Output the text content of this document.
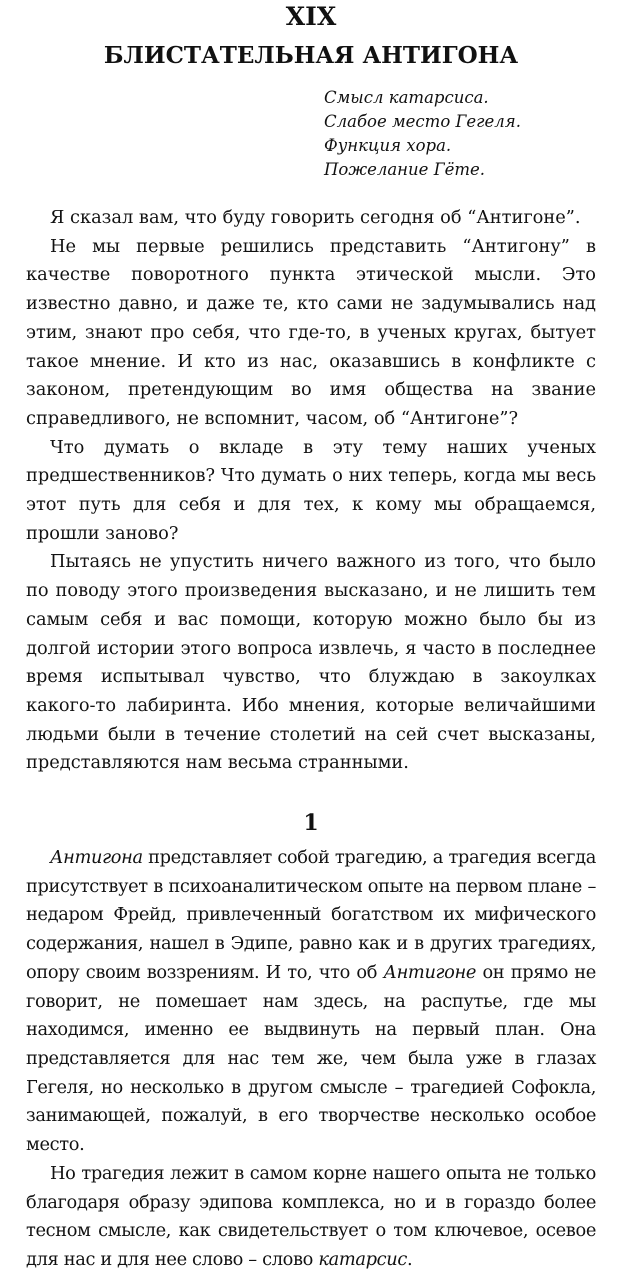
XIX
БЛИСТАТЕЛЬНАЯ АНТИГОНА
Смысл катарсиса.
Слабое место Гегеля.
Функция хора.
Пожелание Гёте.

Я сказал вам, что буду говорить сегодня об “Антигоне”.

Не мы первые решились представить “Антигону” в качестве поворотного пункта этической мысли. Это известно давно, и даже те, кто сами не задумывались над этим, знают про себя, что где-то, в ученых кругах, бытует такое мнение. И кто из нас, оказавшись в конфликте с законом, претендующим во имя общества на звание справедливого, не вспомнит, часом, об “Антигоне”?

Что думать о вкладе в эту тему наших ученых предшественников? Что думать о них теперь, когда мы весь этот путь для себя и для тех, к кому мы обращаемся, прошли заново?

Пытаясь не упустить ничего важного из того, что было по поводу этого произведения высказано, и не лишить тем самым себя и вас помощи, которую можно было бы из долгой истории этого вопроса извлечь, я часто в последнее время испытывал чувство, что блуждаю в закоулках какого-то лабиринта. Ибо мнения, которые величайшими людьми были в течение столетий на сей счет высказаны, представляются нам весьма странными.

1

Антигона представляет собой трагедию, а трагедия всегда присутствует в психоаналитическом опыте на первом плане – недаром Фрейд, привлеченный богатством их мифического содержания, нашел в Эдипе, равно как и в других трагедиях, опору своим воззрениям. И то, что об Антигоне он прямо не говорит, не помешает нам здесь, на распутье, где мы находимся, именно ее выдвинуть на первый план. Она представляется для нас тем же, чем была уже в глазах Гегеля, но несколько в другом смысле – трагедией Софокла, занимающей, пожалуй, в его творчестве несколько особое место.

Но трагедия лежит в самом корне нашего опыта не только благодаря образу эдипова комплекса, но и в гораздо более тесном смысле, как свидетельствует о том ключевое, осевое для нас и для нее слово – слово катарсис.
